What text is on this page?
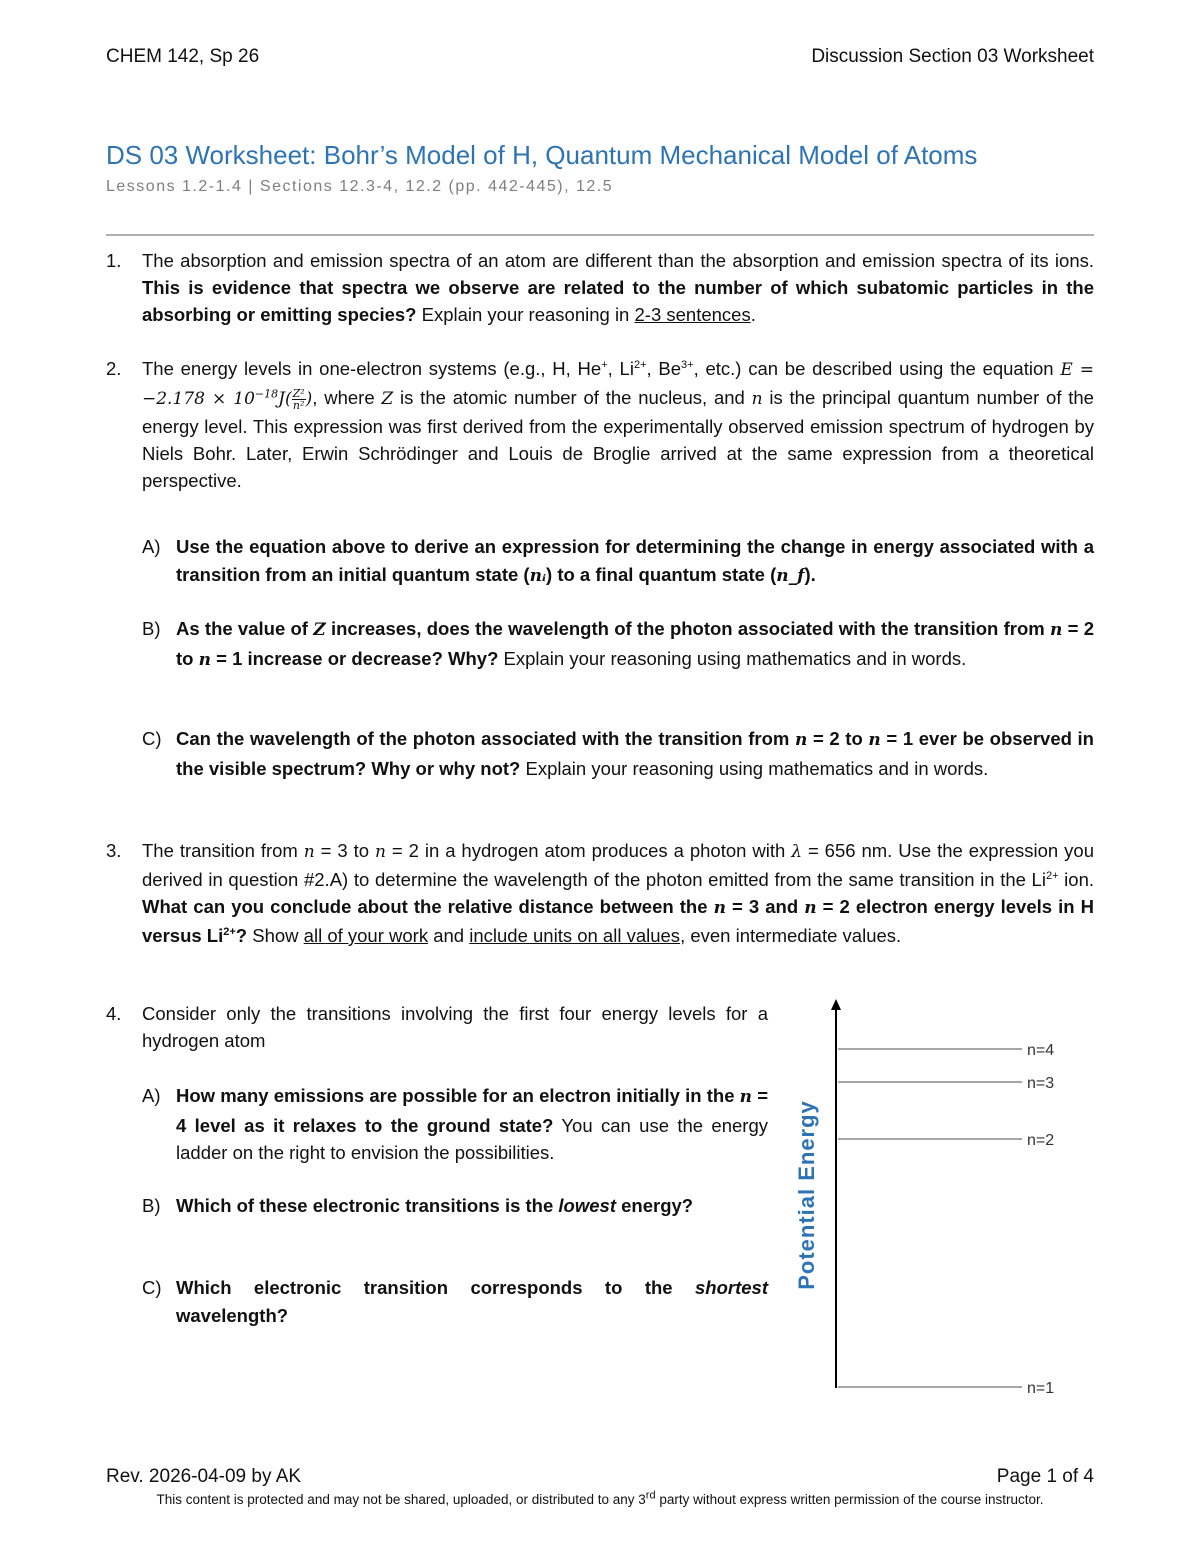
CHEM 142, Sp 26	Discussion Section 03 Worksheet
DS 03 Worksheet: Bohr’s Model of H, Quantum Mechanical Model of Atoms
Lessons 1.2-1.4 | Sections 12.3-4, 12.2 (pp. 442-445), 12.5
1.	The absorption and emission spectra of an atom are different than the absorption and emission spectra of its ions. This is evidence that spectra we observe are related to the number of which subatomic particles in the absorbing or emitting species? Explain your reasoning in 2-3 sentences.
2.	The energy levels in one-electron systems (e.g., H, He+, $Li^{2+}$, $Be^{3+}$, etc.) can be described using the equation $E = -2.178 \times 10^{-18}J( \frac{\text{Z²}}{\text{n²}}$ ), where Z is the atomic number of the nucleus, and n is the principal quantum number of the energy level. This expression was first derived from the experimentally observed emission spectrum of hydrogen by Niels Bohr. Later, Erwin Schrödinger and Louis de Broglie arrived at the same expression from a theoretical perspective.
A) Use the equation above to derive an expression for determining the change in energy associated with a transition from an initial quantum state (nᵢ) to a final quantum state (n_f).
B) As the value of Z increases, does the wavelength of the photon associated with the transition from n = 2 to n = 1 increase or decrease? Why? Explain your reasoning using mathematics and in words.
C) Can the wavelength of the photon associated with the transition from n = 2 to n = 1 ever be observed in the visible spectrum? Why or why not? Explain your reasoning using mathematics and in words.
3.	The transition from n = 3 to n = 2 in a hydrogen atom produces a photon with λ = 656 nm. Use the expression you derived in question #2.A) to determine the wavelength of the photon emitted from the same transition in the $Li^{2+}$ ion. What can you conclude about the relative distance between the n = 3 and n = 2 electron energy levels in H versus $Li^{2+}$? Show all of your work and include units on all values, even intermediate values.
4.	Consider only the transitions involving the first four energy levels for a hydrogen atom
A) How many emissions are possible for an electron initially in the n = 4 level as it relaxes to the ground state? You can use the energy ladder on the right to envision the possibilities.
B) Which of these electronic transitions is the lowest energy?
C) Which electronic transition corresponds to the shortest wavelength?
n=4
n=3
n=2
n=1
Potential Energy
Rev. 2026-04-09 by AK	Page 1 of 4
This content is protected and may not be shared, uploaded, or distributed to any 3rd party without express written permission of the course instructor.
